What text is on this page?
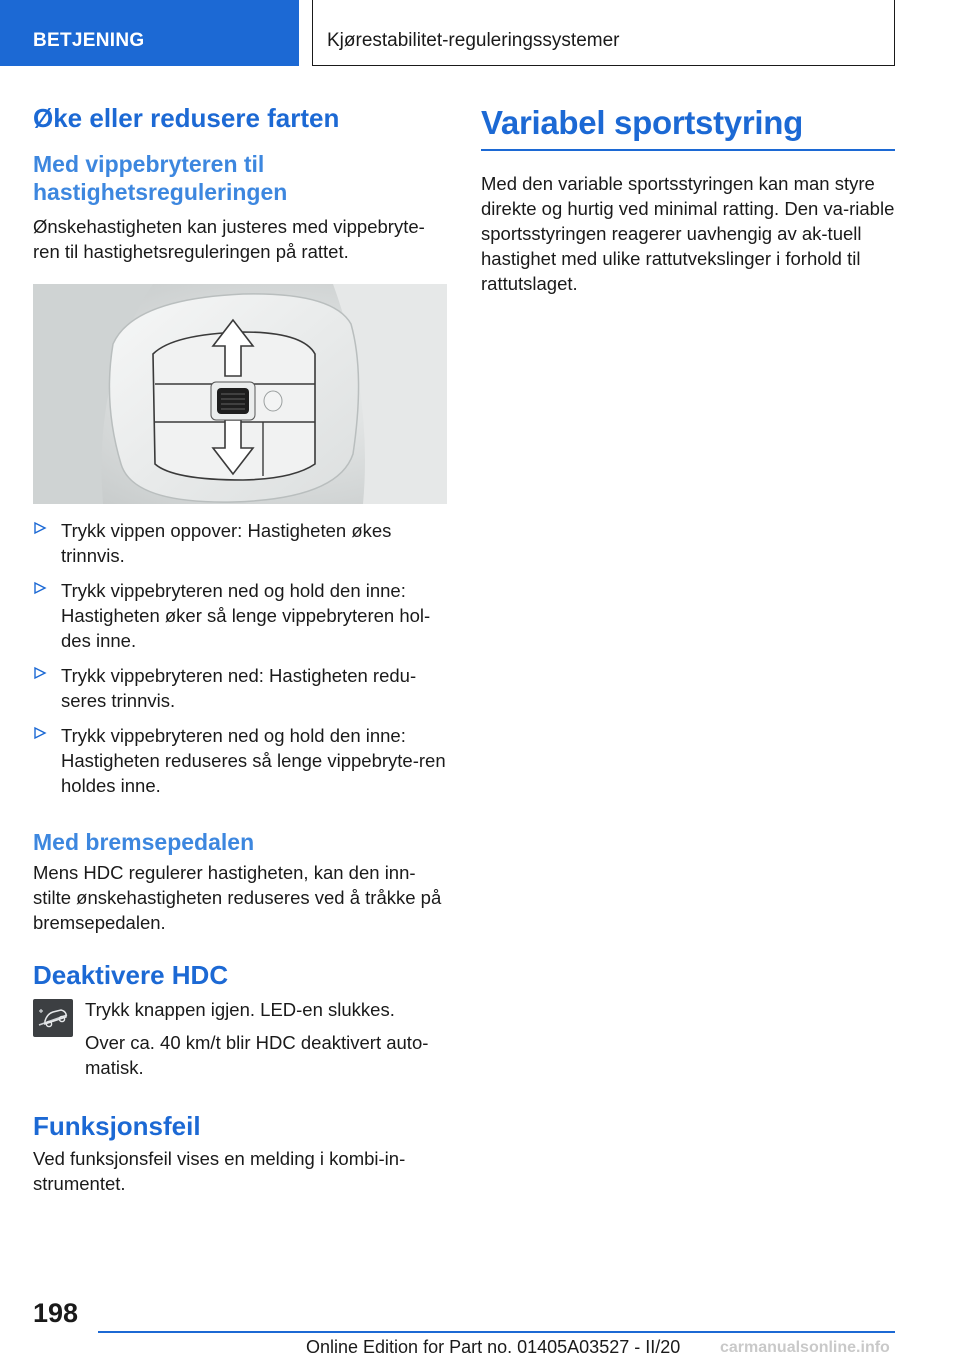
BETJENING	Kjørestabilitet-reguleringssystemer
Øke eller redusere farten
Med vippebryteren til hastighetsreguleringen
Ønskehastigheten kan justeres med vippebryte-ren til hastighetsreguleringen på rattet.
Trykk vippen oppover: Hastigheten økes trinnvis.
Trykk vippebryteren ned og hold den inne: Hastigheten øker så lenge vippebryteren hol-des inne.
Trykk vippebryteren ned: Hastigheten redu-seres trinnvis.
Trykk vippebryteren ned og hold den inne: Hastigheten reduseres så lenge vippebryte-ren holdes inne.
Med bremsepedalen
Mens HDC regulerer hastigheten, kan den inn-stilte ønskehastigheten reduseres ved å tråkke på bremsepedalen.
Deaktivere HDC
Trykk knappen igjen. LED-en slukkes.
Over ca. 40 km/t blir HDC deaktivert auto-matisk.
Funksjonsfeil
Ved funksjonsfeil vises en melding i kombi-in-strumentet.
Variabel sportstyring
Med den variable sportsstyringen kan man styre direkte og hurtig ved minimal ratting. Den va-riable sportsstyringen reagerer uavhengig av ak-tuell hastighet med ulike rattutvekslinger i forhold til rattutslaget.
198
Online Edition for Part no. 01405A03527 - II/20 carmanualsonline.info
